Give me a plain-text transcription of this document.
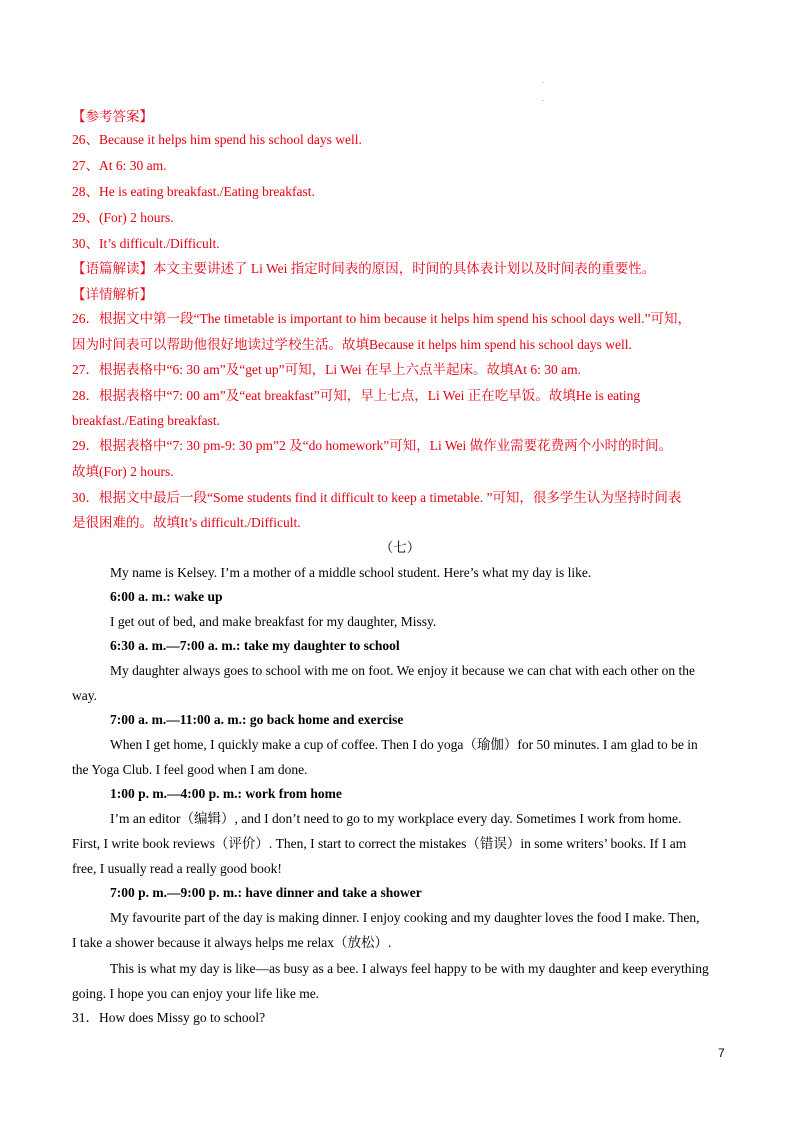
.
.
【参考答案】
26、Because it helps him spend his school days well.
27、At 6: 30 am.
28、He is eating breakfast./Eating breakfast.
29、(For) 2 hours.
30、It’s difficult./Difficult.
【语篇解读】本文主要讲述了 Li Wei 指定时间表的原因，时间的具体表计划以及时间表的重要性。
【详情解析】
26．根据文中第一段“The timetable is important to him because it helps him spend his school days well.”可知，
因为时间表可以帮助他很好地读过学校生活。故填Because it helps him spend his school days well.
27．根据表格中“6: 30 am”及“get up”可知，Li Wei 在早上六点半起床。故填At 6: 30 am.
28．根据表格中“7: 00 am”及“eat breakfast”可知，早上七点，Li Wei 正在吃早饭。故填He is eating
breakfast./Eating breakfast.
29．根据表格中“7: 30 pm-9: 30 pm”2 及“do homework”可知，Li Wei 做作业需要花费两个小时的时间。
故填(For) 2 hours.
30．根据文中最后一段“Some students find it difficult to keep a timetable. ”可知，很多学生认为坚持时间表
是很困难的。故填It’s difficult./Difficult.
（七）
My name is Kelsey. I’m a mother of a middle school student. Here’s what my day is like.
6:00 a. m.: wake up
I get out of bed, and make breakfast for my daughter, Missy.
6:30 a. m.—7:00 a. m.: take my daughter to school
My daughter always goes to school with me on foot. We enjoy it because we can chat with each other on the
way.
7:00 a. m.—11:00 a. m.: go back home and exercise
When I get home, I quickly make a cup of coffee. Then I do yoga（瑜伽）for 50 minutes. I am glad to be in
the Yoga Club. I feel good when I am done.
1:00 p. m.—4:00 p. m.: work from home
I’m an editor（编辑）, and I don’t need to go to my workplace every day. Sometimes I work from home.
First, I write book reviews（评价）. Then, I start to correct the mistakes（错误）in some writers’ books. If I am
free, I usually read a really good book!
7:00 p. m.—9:00 p. m.: have dinner and take a shower
My favourite part of the day is making dinner. I enjoy cooking and my daughter loves the food I make. Then,
I take a shower because it always helps me relax（放松）.
This is what my day is like—as busy as a bee. I always feel happy to be with my daughter and keep everything
going. I hope you can enjoy your life like me.
31．How does Missy go to school?
7
